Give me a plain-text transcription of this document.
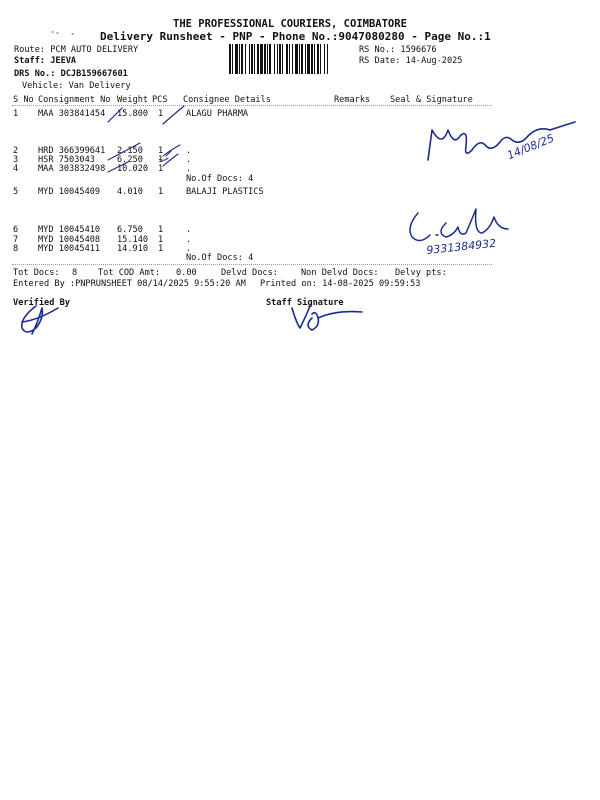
THE PROFESSIONAL COURIERS, COIMBATORE
Delivery Runsheet - PNP - Phone No.:9047080280 - Page No.:1
Route: PCM AUTO DELIVERY
Staff: JEEVA
DRS No.: DCJB159667601
Vehicle: Van Delivery
RS No.: 1596676
RS Date: 14-Aug-2025
S No Consignment No Weight PCS Consignee Details	Remarks Seal & Signature
1 MAA 303841454 15.800 1	ALAGU PHARMA
2 HRD 366399641 2.150 1	.
3 HSR 7503043	6.250 1	.
4 MAA 303832498 10.020 1	.
No.Of Docs: 4
5 MYD 10045409 4.010 1	BALAJI PLASTICS
6 MYD 10045410 6.750 1	.
7 MYD 10045408 15.140 1	.
8 MYD 10045411 14.910 1	.
No.Of Docs: 4
Tot Docs: 8 Tot COD Amt: 0.00	Delvd Docs:	Non Delvd Docs: Delvy pts:
Entered By :PNPRUNSHEET 08/14/2025 9:55:20 AM Printed on: 14-08-2025 09:59:53
Verified By	Staff Signature
14/08/25
9331384932
